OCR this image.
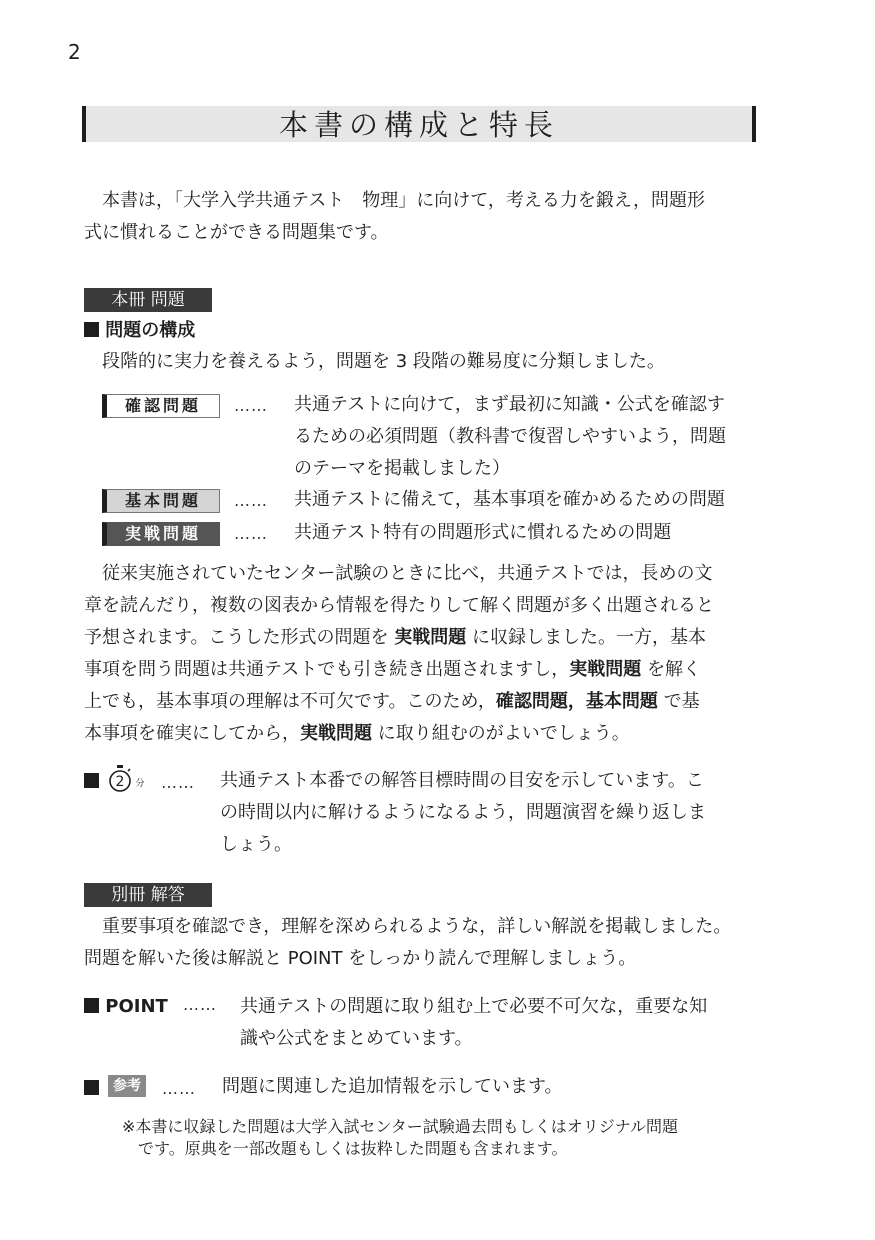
2
本書の構成と特長
本書は，「大学入学共通テスト　物理」に向けて，考える力を鍛え，問題形
式に慣れることができる問題集です。
本冊 問題
問題の構成
段階的に実力を養えるよう，問題を 3 段階の難易度に分類しました。
確認問題	…… 共通テストに向けて，まず最初に知識・公式を確認す
るための必須問題（教科書で復習しやすいよう，問題
のテーマを掲載しました）
基本問題	…… 共通テストに備えて，基本事項を確かめるための問題
実戦問題	…… 共通テスト特有の問題形式に慣れるための問題
従来実施されていたセンター試験のときに比べ，共通テストでは，長めの文
章を読んだり，複数の図表から情報を得たりして解く問題が多く出題されると
予想されます。こうした形式の問題を 実戦問題 に収録しました。一方，基本
事項を問う問題は共通テストでも引き続き出題されますし，実戦問題 を解く
上でも，基本事項の理解は不可欠です。このため，確認問題，基本問題 で基
本事項を確実にしてから，実戦問題 に取り組むのがよいでしょう。
2 分 …… 共通テスト本番での解答目標時間の目安を示しています。こ
の時間以内に解けるようになるよう，問題演習を繰り返しま
しょう。
別冊 解答
重要事項を確認でき，理解を深められるような，詳しい解説を掲載しました。
問題を解いた後は解説と POINT をしっかり読んで理解しましょう。
POINT …… 共通テストの問題に取り組む上で必要不可欠な，重要な知
識や公式をまとめています。
参考	…… 問題に関連した追加情報を示しています。
※本書に収録した問題は大学入試センター試験過去問もしくはオリジナル問題
です。原典を一部改題もしくは抜粋した問題も含まれます。
